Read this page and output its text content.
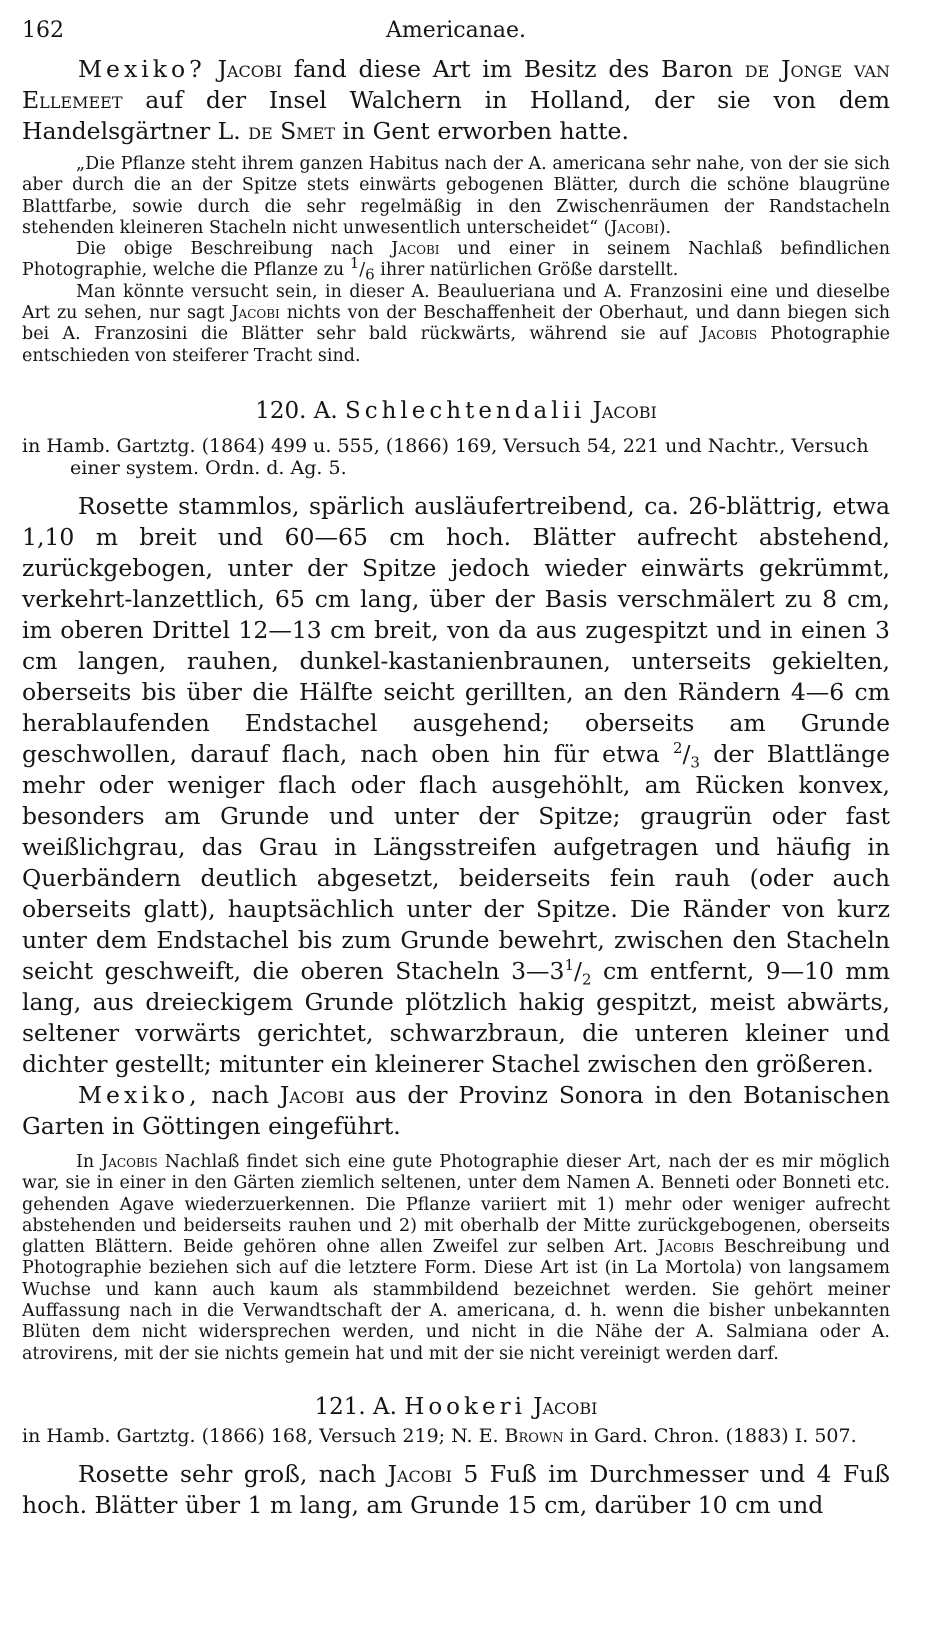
162	Americanae.

Mexiko? Jacobi fand diese Art im Besitz des Baron de Jonge van Ellemeet auf der Insel Walchern in Holland, der sie von dem Handelsgärtner L. de Smet in Gent erworben hatte.

„Die Pflanze steht ihrem ganzen Habitus nach der A. americana sehr nahe, von der sie sich aber durch die an der Spitze stets einwärts gebogenen Blätter, durch die schöne blaugrüne Blattfarbe, sowie durch die sehr regelmäßig in den Zwischenräumen der Randstacheln stehenden kleineren Stacheln nicht unwesentlich unterscheidet“ (Jacobi).

Die obige Beschreibung nach Jacobi und einer in seinem Nachlaß befindlichen Photographie, welche die Pflanze zu 1/6 ihrer natürlichen Größe darstellt.

Man könnte versucht sein, in dieser A. Beaulueriana und A. Franzosini eine und dieselbe Art zu sehen, nur sagt Jacobi nichts von der Beschaffenheit der Oberhaut, und dann biegen sich bei A. Franzosini die Blätter sehr bald rückwärts, während sie auf Jacobis Photographie entschieden von steiferer Tracht sind.

120. A. Schlechtendalii Jacobi

in Hamb. Gartztg. (1864) 499 u. 555, (1866) 169, Versuch 54, 221 und Nachtr., Versuch einer system. Ordn. d. Ag. 5.

Rosette stammlos, spärlich ausläufertreibend, ca. 26-blättrig, etwa 1,10 m breit und 60—65 cm hoch. Blätter aufrecht abstehend, zurückgebogen, unter der Spitze jedoch wieder einwärts gekrümmt, verkehrt-lanzettlich, 65 cm lang, über der Basis verschmälert zu 8 cm, im oberen Drittel 12—13 cm breit, von da aus zugespitzt und in einen 3 cm langen, rauhen, dunkel-kastanienbraunen, unterseits gekielten, oberseits bis über die Hälfte seicht gerillten, an den Rändern 4—6 cm herablaufenden Endstachel ausgehend; oberseits am Grunde geschwollen, darauf flach, nach oben hin für etwa $^2/_3$ der Blattlänge mehr oder weniger flach oder flach ausgehöhlt, am Rücken konvex, besonders am Grunde und unter der Spitze; graugrün oder fast weißlichgrau, das Grau in Längsstreifen aufgetragen und häufig in Querbändern deutlich abgesetzt, beiderseits fein rauh (oder auch oberseits glatt), hauptsächlich unter der Spitze. Die Ränder von kurz unter dem Endstachel bis zum Grunde bewehrt, zwischen den Stacheln seicht geschweift, die oberen Stacheln $3—3^1/_2$ cm entfernt, 9—10 mm lang, aus dreieckigem Grunde plötzlich hakig gespitzt, meist abwärts, seltener vorwärts gerichtet, schwarzbraun, die unteren kleiner und dichter gestellt; mitunter ein kleinerer Stachel zwischen den größeren.

Mexiko, nach Jacobi aus der Provinz Sonora in den Botanischen Garten in Göttingen eingeführt.

In Jacobis Nachlaß findet sich eine gute Photographie dieser Art, nach der es mir möglich war, sie in einer in den Gärten ziemlich seltenen, unter dem Namen A. Benneti oder Bonneti etc. gehenden Agave wiederzuerkennen. Die Pflanze variiert mit 1) mehr oder weniger aufrecht abstehenden und beiderseits rauhen und 2) mit oberhalb der Mitte zurückgebogenen, oberseits glatten Blättern. Beide gehören ohne allen Zweifel zur selben Art. Jacobis Beschreibung und Photographie beziehen sich auf die letztere Form. Diese Art ist (in La Mortola) von langsamem Wuchse und kann auch kaum als stammbildend bezeichnet werden. Sie gehört meiner Auffassung nach in die Verwandtschaft der A. americana, d. h. wenn die bisher unbekannten Blüten dem nicht widersprechen werden, und nicht in die Nähe der A. Salmiana oder A. atrovirens, mit der sie nichts gemein hat und mit der sie nicht vereinigt werden darf.

121. A. Hookeri Jacobi

in Hamb. Gartztg. (1866) 168, Versuch 219; N. E. Brown in Gard. Chron. (1883) I. 507.

Rosette sehr groß, nach Jacobi 5 Fuß im Durchmesser und 4 Fuß hoch. Blätter über 1 m lang, am Grunde 15 cm, darüber 10 cm und
